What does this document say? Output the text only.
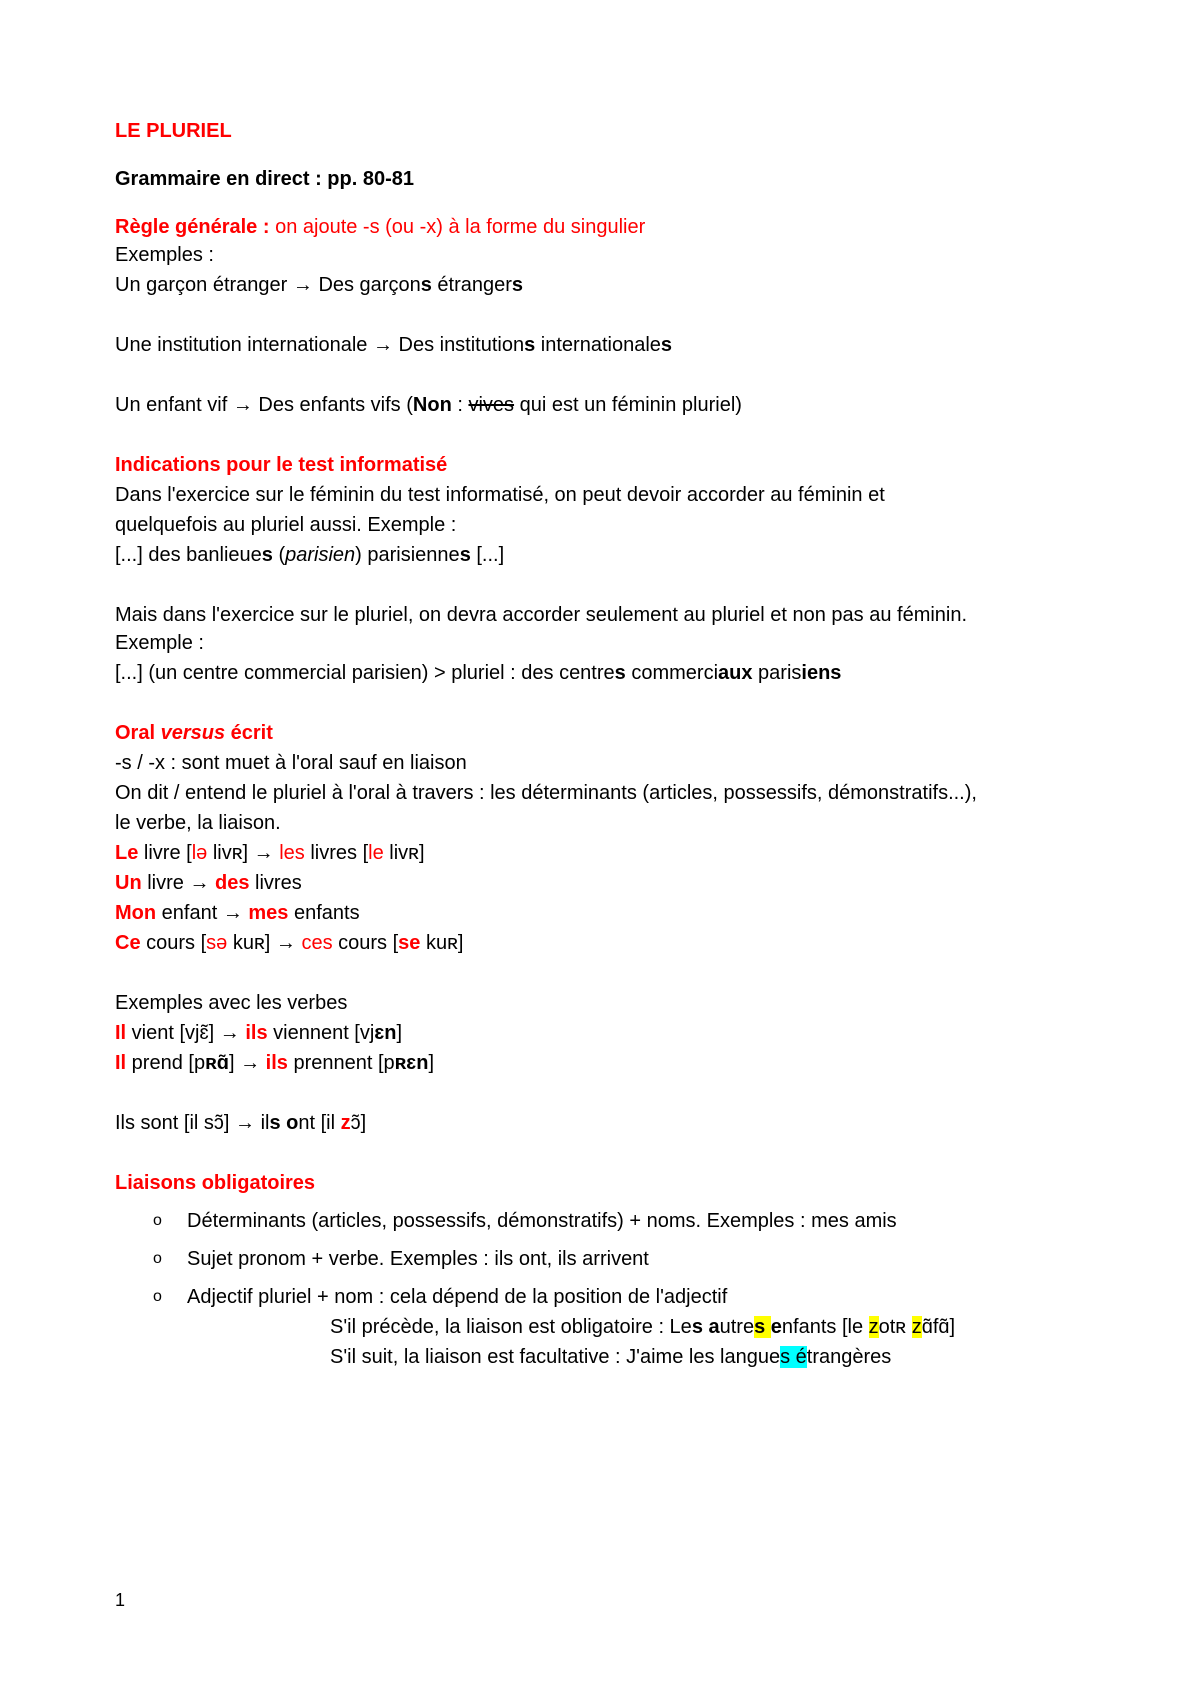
LE PLURIEL
Grammaire en direct : pp. 80-81
Règle générale : on ajoute -s (ou -x) à la forme du singulier
Exemples :
Un garçon étranger → Des garçons étrangers
Une institution internationale → Des institutions internationales
Un enfant vif → Des enfants vifs (Non : vives qui est un féminin pluriel)
Indications pour le test informatisé
Dans l'exercice sur le féminin du test informatisé, on peut devoir accorder au féminin et
quelquefois au pluriel aussi. Exemple :
[...] des banlieues (parisien) parisiennes [...]
Mais dans l'exercice sur le pluriel, on devra accorder seulement au pluriel et non pas au féminin.
Exemple :
[...] (un centre commercial parisien) > pluriel : des centres commerciaux parisiens
Oral versus écrit
-s / -x : sont muet à l'oral sauf en liaison
On dit / entend le pluriel à l'oral à travers : les déterminants (articles, possessifs, démonstratifs...),
le verbe, la liaison.
Le livre [lə livʀ] → les livres [le livʀ]
Un livre → des livres
Mon enfant → mes enfants
Ce cours [sə kuʀ] → ces cours [se kuʀ]
Exemples avec les verbes
Il vient [vjɛ̃] → ils viennent [vjɛn]
Il prend [pʀɑ̃] → ils prennent [pʀɛn]
Ils sont [il sɔ̃] → ils ont [il zɔ̃]
Liaisons obligatoires
o Déterminants (articles, possessifs, démonstratifs) + noms. Exemples : mes amis
o Sujet pronom + verbe. Exemples : ils ont, ils arrivent
o Adjectif pluriel + nom : cela dépend de la position de l'adjectif
S'il précède, la liaison est obligatoire : Les autres enfants [le zotʀ zɑ̃fɑ̃]
S'il suit, la liaison est facultative : J'aime les langues étrangères
1
